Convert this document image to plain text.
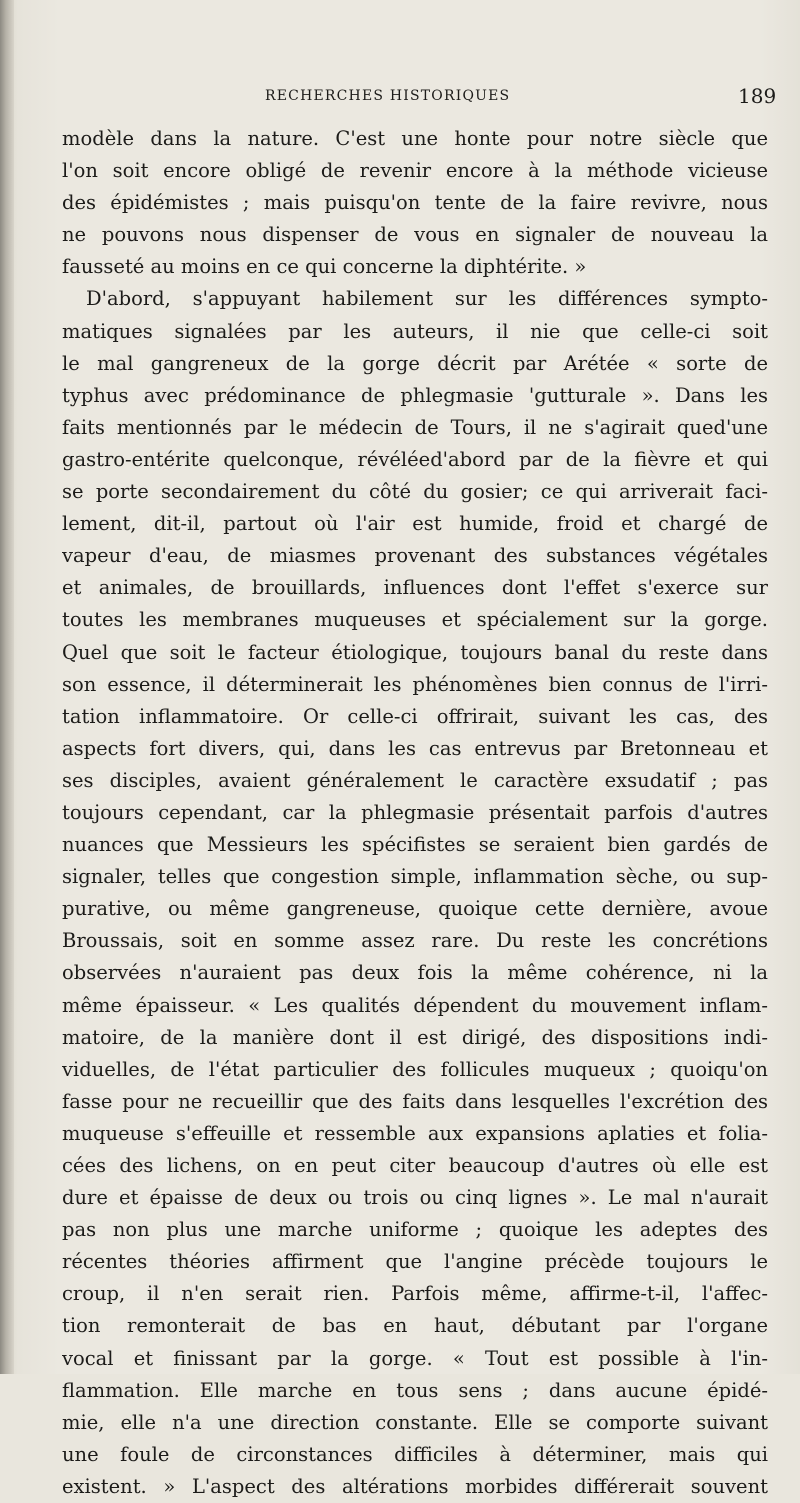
RECHERCHES HISTORIQUES	189
modèle dans la nature. C'est une honte pour notre siècle que
l'on soit encore obligé de revenir encore à la méthode vicieuse
des épidémistes ; mais puisqu'on tente de la faire revivre, nous
ne pouvons nous dispenser de vous en signaler de nouveau la
fausseté au moins en ce qui concerne la diphtérite. »
D'abord, s'appuyant habilement sur les différences sympto-
matiques signalées par les auteurs, il nie que celle-ci soit
le mal gangreneux de la gorge décrit par Arétée « sorte de
typhus avec prédominance de phlegmasie 'gutturale ». Dans les
faits mentionnés par le médecin de Tours, il ne s'agirait qued'une
gastro-entérite quelconque, révéléed'abord par de la fièvre et qui
se porte secondairement du côté du gosier; ce qui arriverait faci-
lement, dit-il, partout où l'air est humide, froid et chargé de
vapeur d'eau, de miasmes provenant des substances végétales
et animales, de brouillards, influences dont l'effet s'exerce sur
toutes les membranes muqueuses et spécialement sur la gorge.
Quel que soit le facteur étiologique, toujours banal du reste dans
son essence, il déterminerait les phénomènes bien connus de l'irri-
tation inflammatoire. Or celle-ci offrirait, suivant les cas, des
aspects fort divers, qui, dans les cas entrevus par Bretonneau et
ses disciples, avaient généralement le caractère exsudatif ; pas
toujours cependant, car la phlegmasie présentait parfois d'autres
nuances que Messieurs les spécifistes se seraient bien gardés de
signaler, telles que congestion simple, inflammation sèche, ou sup-
purative, ou même gangreneuse, quoique cette dernière, avoue
Broussais, soit en somme assez rare. Du reste les concrétions
observées n'auraient pas deux fois la même cohérence, ni la
même épaisseur. « Les qualités dépendent du mouvement inflam-
matoire, de la manière dont il est dirigé, des dispositions indi-
viduelles, de l'état particulier des follicules muqueux ; quoiqu'on
fasse pour ne recueillir que des faits dans lesquelles l'excrétion des
muqueuse s'effeuille et ressemble aux expansions aplaties et folia-
cées des lichens, on en peut citer beaucoup d'autres où elle est
dure et épaisse de deux ou trois ou cinq lignes ». Le mal n'aurait
pas non plus une marche uniforme ; quoique les adeptes des
récentes théories affirment que l'angine précède toujours le
croup, il n'en serait rien. Parfois même, affirme-t-il, l'affec-
tion remonterait de bas en haut, débutant par l'organe
vocal et finissant par la gorge. « Tout est possible à l'in-
flammation. Elle marche en tous sens ; dans aucune épidé-
mie, elle n'a une direction constante. Elle se comporte suivant
une foule de circonstances difficiles à déterminer, mais qui
existent. » L'aspect des altérations morbides différerait souvent
